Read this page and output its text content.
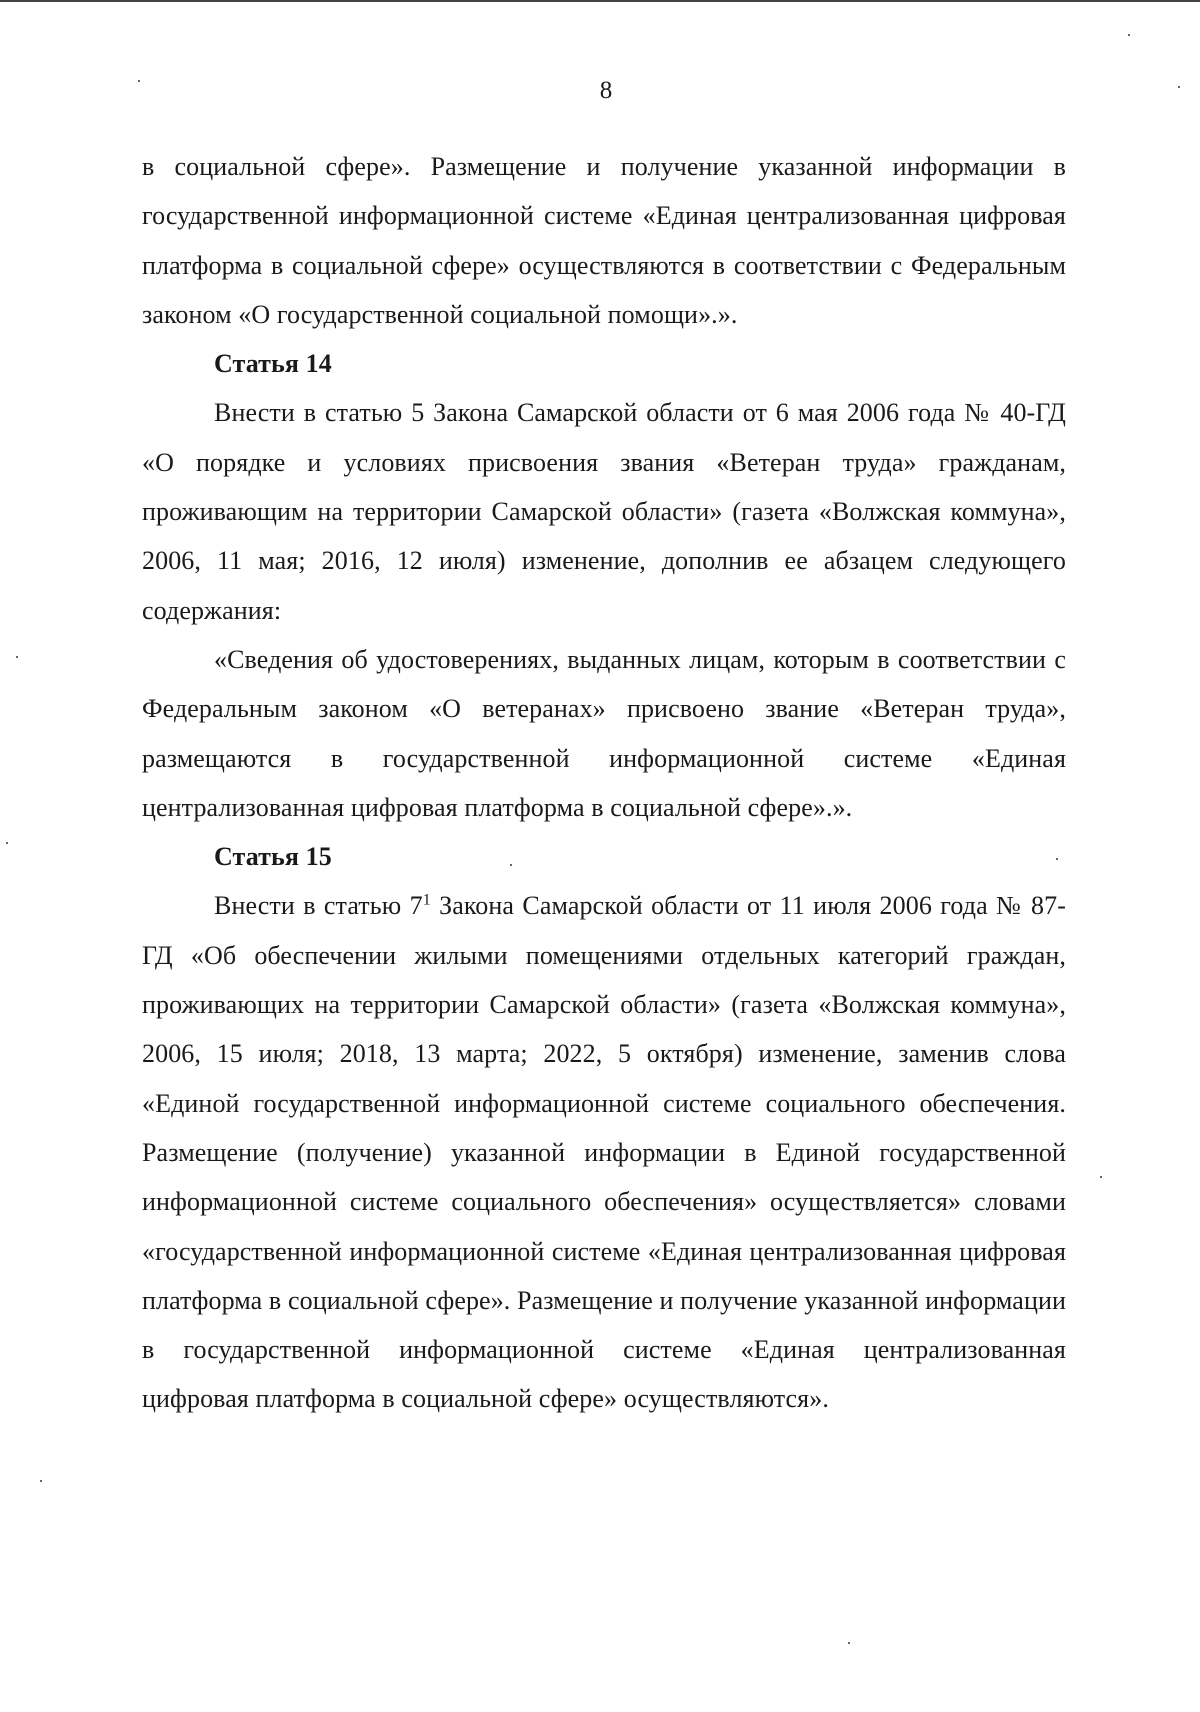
8

в социальной сфере». Размещение и получение указанной информации в государственной информационной системе «Единая централизованная цифровая платформа в социальной сфере» осуществляются в соответствии с Федеральным законом «О государственной социальной помощи».».

Статья 14

Внести в статью 5 Закона Самарской области от 6 мая 2006 года № 40-ГД «О порядке и условиях присвоения звания «Ветеран труда» гражданам, проживающим на территории Самарской области» (газета «Волжская коммуна», 2006, 11 мая; 2016, 12 июля) изменение, дополнив ее абзацем следующего содержания:

«Сведения об удостоверениях, выданных лицам, которым в соответствии с Федеральным законом «О ветеранах» присвоено звание «Ветеран труда», размещаются в государственной информационной системе «Единая централизованная цифровая платформа в социальной сфере».».

Статья 15

Внести в статью $7^1$ Закона Самарской области от 11 июля 2006 года № 87-ГД «Об обеспечении жилыми помещениями отдельных категорий граждан, проживающих на территории Самарской области» (газета «Волжская коммуна», 2006, 15 июля; 2018, 13 марта; 2022, 5 октября) изменение, заменив слова «Единой государственной информационной системе социального обеспечения. Размещение (получение) указанной информации в Единой государственной информационной системе социального обеспечения» осуществляется» словами «государственной информационной системе «Единая централизованная цифровая платформа в социальной сфере». Размещение и получение указанной информации в государственной информационной системе «Единая централизованная цифровая платформа в социальной сфере» осуществляются».
